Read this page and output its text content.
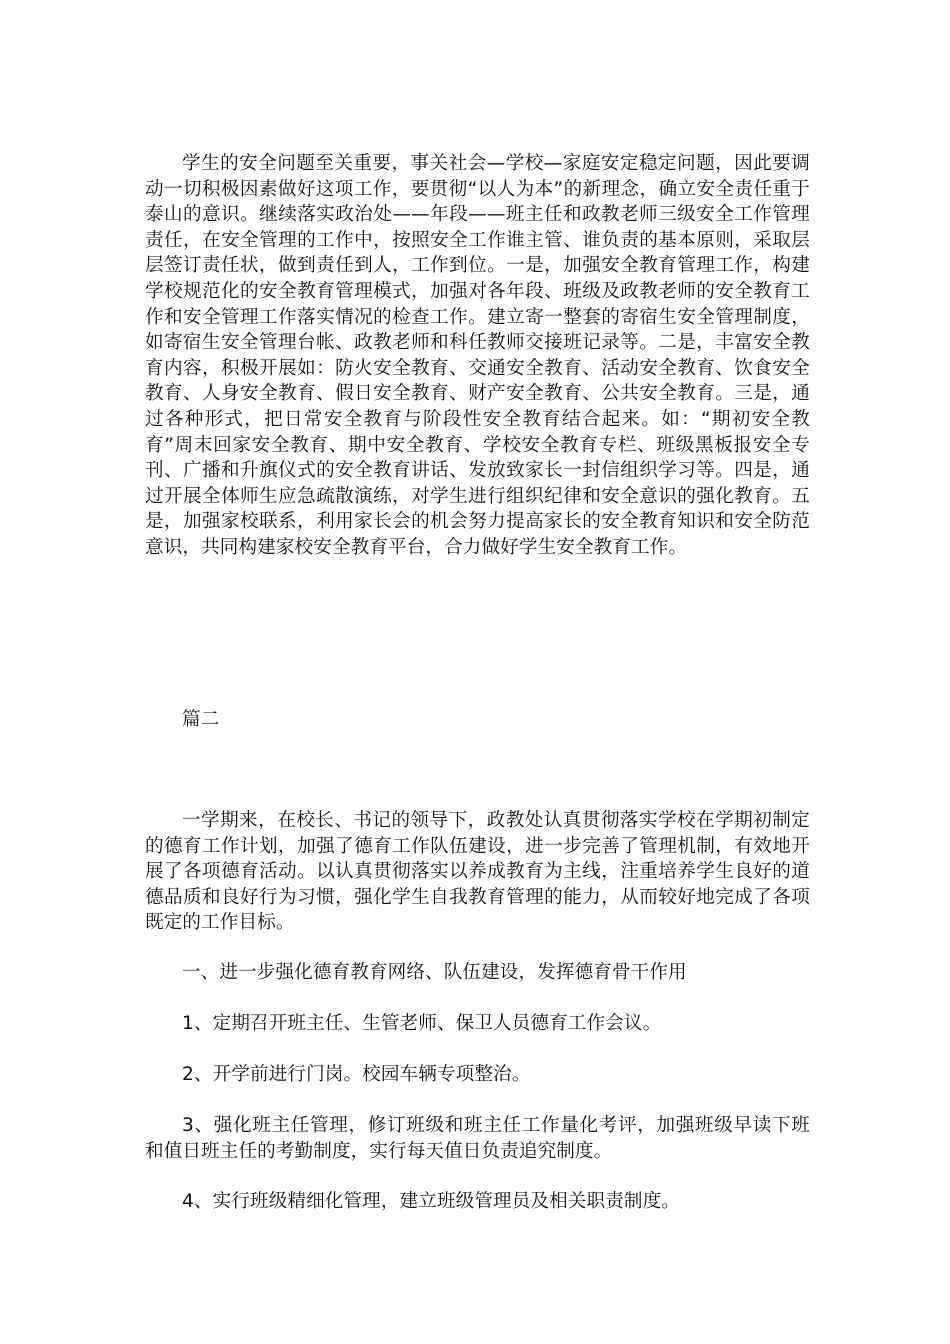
学生的安全问题至关重要，事关社会—学校—家庭安定稳定问题，因此要调动一切积极因素做好这项工作，要贯彻“以人为本”的新理念，确立安全责任重于泰山的意识。继续落实政治处——年段——班主任和政教老师三级安全工作管理责任，在安全管理的工作中，按照安全工作谁主管、谁负责的基本原则，采取层层签订责任状，做到责任到人，工作到位。一是，加强安全教育管理工作，构建学校规范化的安全教育管理模式，加强对各年段、班级及政教老师的安全教育工作和安全管理工作落实情况的检查工作。建立寄一整套的寄宿生安全管理制度，如寄宿生安全管理台帐、政教老师和科任教师交接班记录等。二是，丰富安全教育内容，积极开展如：防火安全教育、交通安全教育、活动安全教育、饮食安全教育、人身安全教育、假日安全教育、财产安全教育、公共安全教育。三是，通过各种形式，把日常安全教育与阶段性安全教育结合起来。如：“期初安全教育”周末回家安全教育、期中安全教育、学校安全教育专栏、班级黑板报安全专刊、广播和升旗仪式的安全教育讲话、发放致家长一封信组织学习等。四是，通过开展全体师生应急疏散演练，对学生进行组织纪律和安全意识的强化教育。五是，加强家校联系，利用家长会的机会努力提高家长的安全教育知识和安全防范意识，共同构建家校安全教育平台，合力做好学生安全教育工作。

篇二

一学期来，在校长、书记的领导下，政教处认真贯彻落实学校在学期初制定的德育工作计划，加强了德育工作队伍建设，进一步完善了管理机制，有效地开展了各项德育活动。以认真贯彻落实以养成教育为主线，注重培养学生良好的道德品质和良好行为习惯，强化学生自我教育管理的能力，从而较好地完成了各项既定的工作目标。

一、进一步强化德育教育网络、队伍建设，发挥德育骨干作用

1、定期召开班主任、生管老师、保卫人员德育工作会议。

2、开学前进行门岗。校园车辆专项整治。

3、强化班主任管理，修订班级和班主任工作量化考评，加强班级早读下班和值日班主任的考勤制度，实行每天值日负责追究制度。

4、实行班级精细化管理，建立班级管理员及相关职责制度。
